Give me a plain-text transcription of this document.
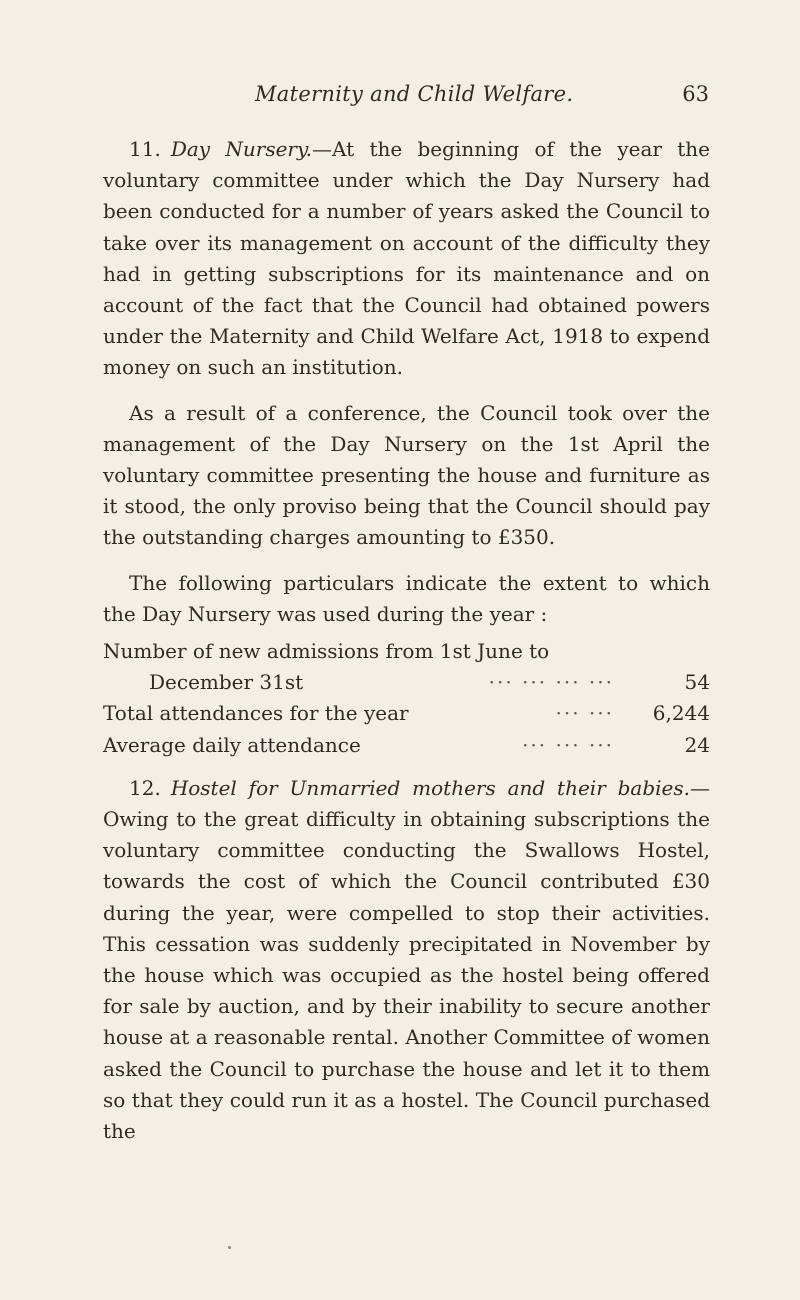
Maternity and Child Welfare.	63

11. Day Nursery.—At the beginning of the year the voluntary committee under which the Day Nursery had been conducted for a number of years asked the Council to take over its management on account of the difficulty they had in getting subscriptions for its maintenance and on account of the fact that the Council had obtained powers under the Maternity and Child Welfare Act, 1918 to expend money on such an institution.

As a result of a conference, the Council took over the management of the Day Nursery on the 1st April the voluntary committee presenting the house and furniture as it stood, the only proviso being that the Council should pay the outstanding charges amounting to £350.

The following particulars indicate the extent to which the Day Nursery was used during the year :

Number of new admissions from 1st June to
December 31st	··· ··· ··· ···	54
Total attendances for the year	··· ···	6,244
Average daily attendance	··· ··· ···	24

12. Hostel for Unmarried mothers and their babies.—Owing to the great difficulty in obtaining subscriptions the voluntary committee conducting the Swallows Hostel, towards the cost of which the Council contributed £30 during the year, were compelled to stop their activities. This cessation was suddenly precipitated in November by the house which was occupied as the hostel being offered for sale by auction, and by their inability to secure another house at a reasonable rental. Another Committee of women asked the Council to purchase the house and let it to them so that they could run it as a hostel. The Council purchased the
